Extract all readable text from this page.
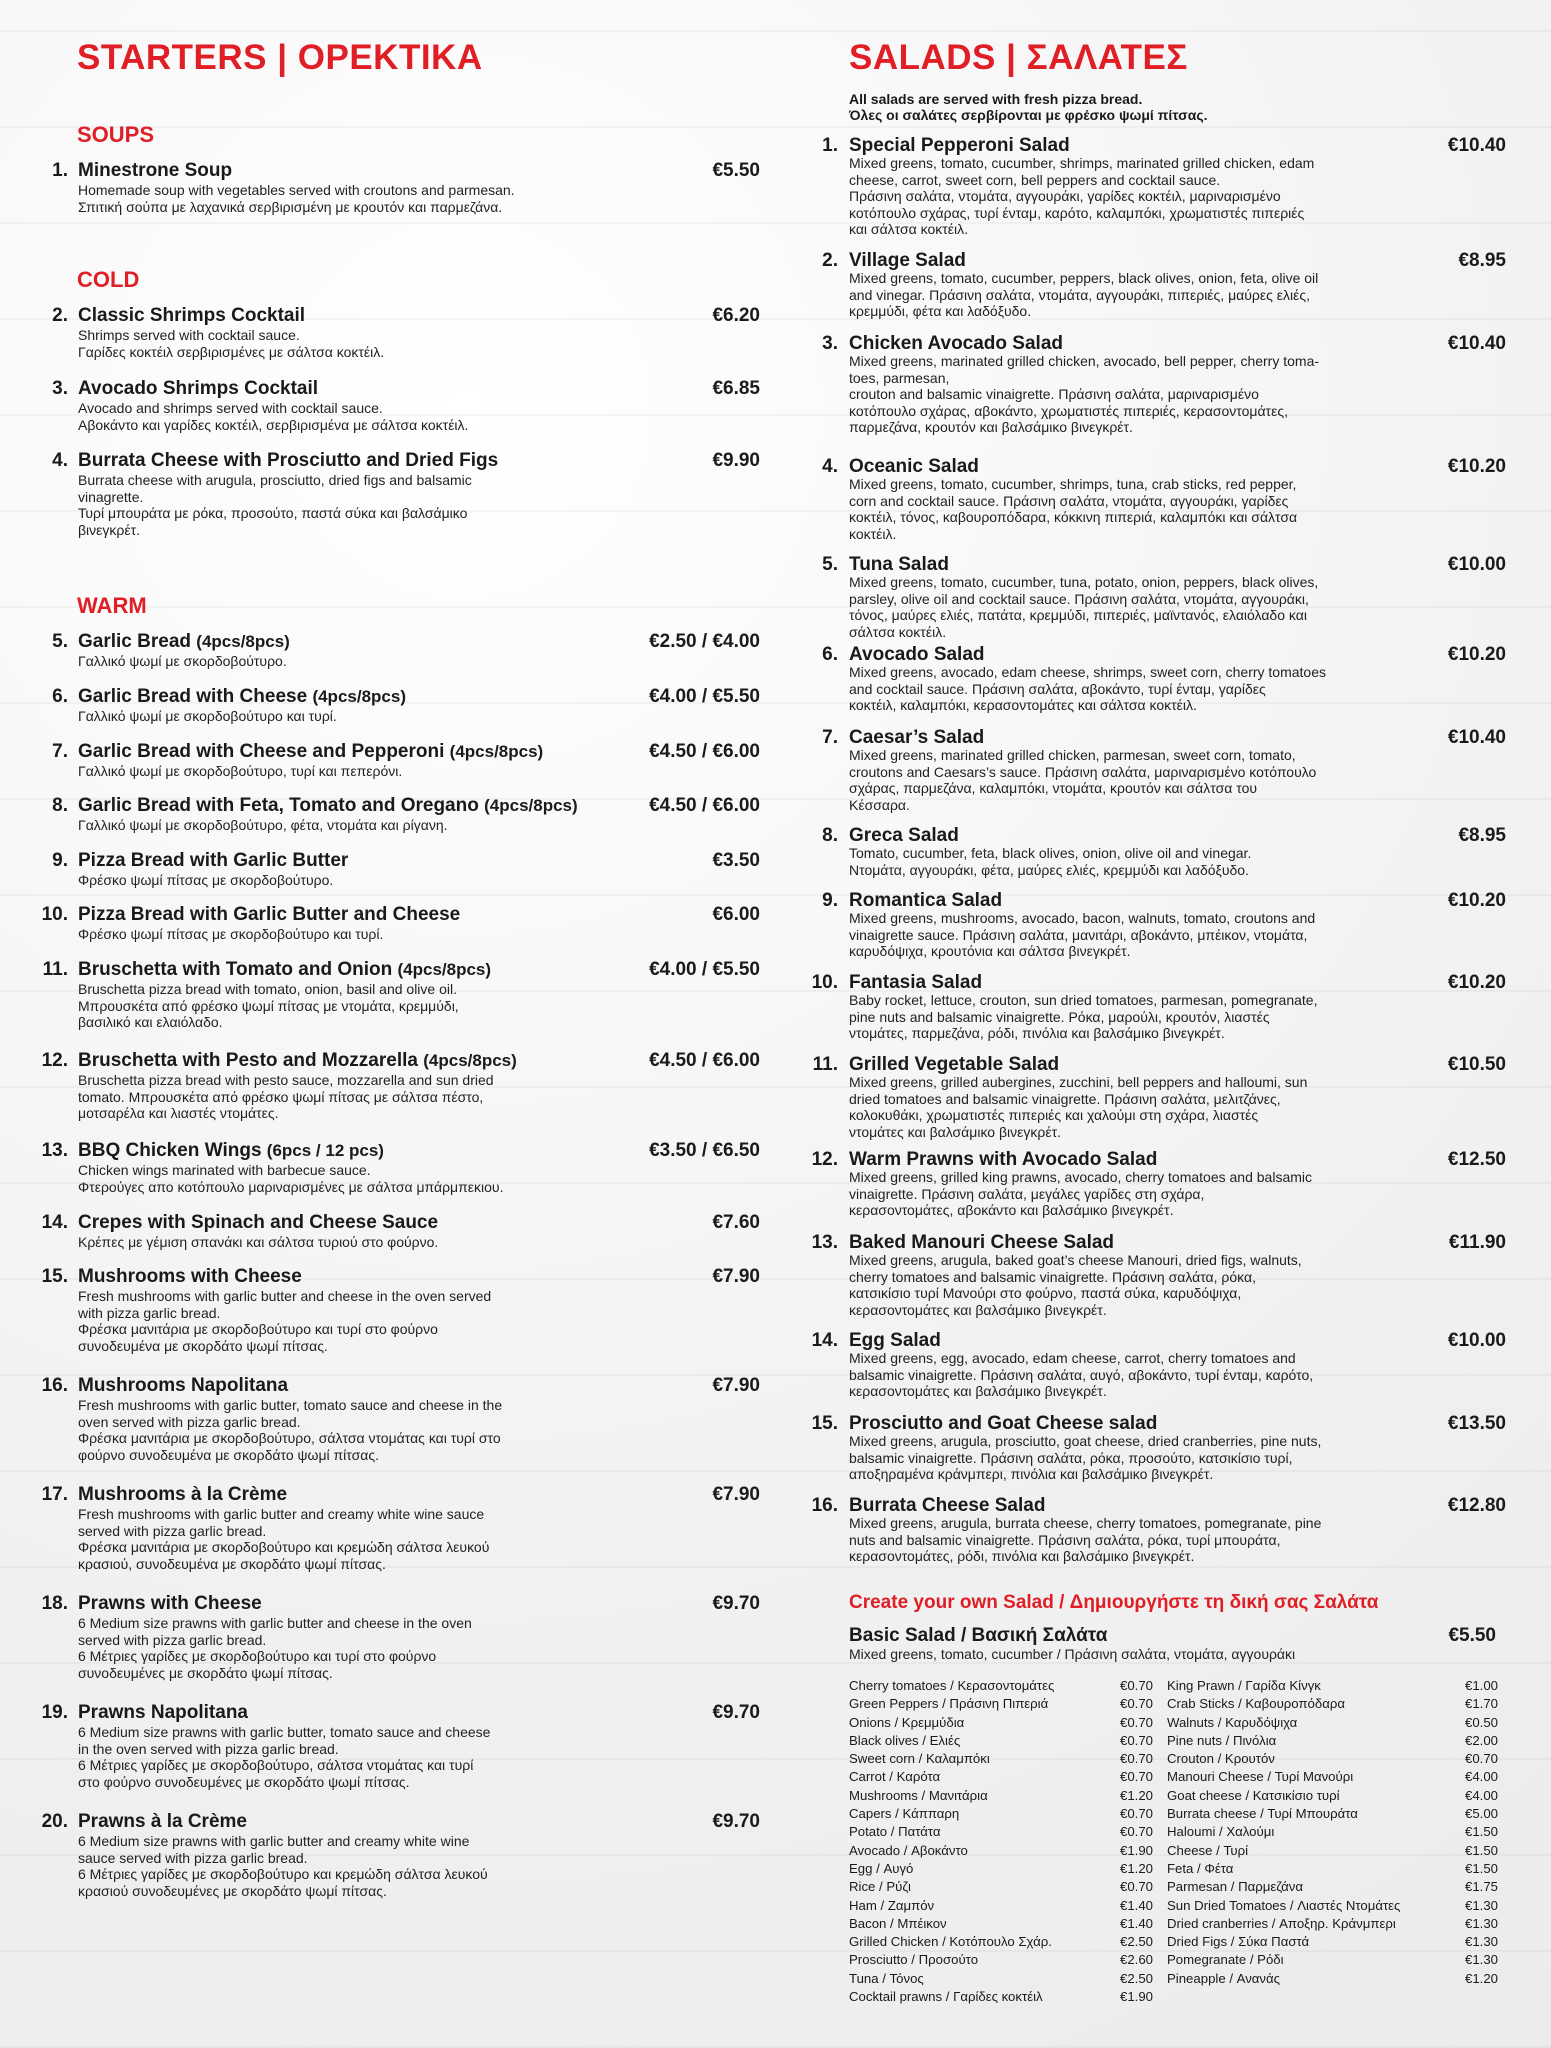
STARTERS | ΟΡΕΚΤΙΚΑ
SOUPS
COLD
WARM
1. Minestrone Soup	€5.50
Homemade soup with vegetables served with croutons and parmesan.
Σπιτική σούπα με λαχανικά σερβιρισμένη με κρουτόν και παρμεζάνα.
2. Classic Shrimps Cocktail	€6.20
Shrimps served with cocktail sauce.
Γαρίδες κοκτέιλ σερβιρισμένες με σάλτσα κοκτέιλ.
3. Avocado Shrimps Cocktail	€6.85
Avocado and shrimps served with cocktail sauce.
Αβοκάντο και γαρίδες κοκτέιλ, σερβιρισμένα με σάλτσα κοκτέιλ.
4. Burrata Cheese with Prosciutto and Dried Figs	€9.90
Burrata cheese with arugula, prosciutto, dried figs and balsamic
vinagrette.
Τυρί μπουράτα με ρόκα, προσούτο, παστά σύκα και βαλσάμικο
βινεγκρέτ.
5. Garlic Bread (4pcs/8pcs)	€2.50 / €4.00
Γαλλικό ψωμί με σκορδοβούτυρο.
6. Garlic Bread with Cheese (4pcs/8pcs)	€4.00 / €5.50
Γαλλικό ψωμί με σκορδοβούτυρο και τυρί.
7. Garlic Bread with Cheese and Pepperoni (4pcs/8pcs)	€4.50 / €6.00
Γαλλικό ψωμί με σκορδοβούτυρο, τυρί και πεπερόνι.
8. Garlic Bread with Feta, Tomato and Oregano (4pcs/8pcs)	€4.50 / €6.00
Γαλλικό ψωμί με σκορδοβούτυρο, φέτα, ντομάτα και ρίγανη.
9. Pizza Bread with Garlic Butter	€3.50
Φρέσκο ψωμί πίτσας με σκορδοβούτυρο.
10. Pizza Bread with Garlic Butter and Cheese	€6.00
Φρέσκο ψωμί πίτσας με σκορδοβούτυρο και τυρί.
11. Bruschetta with Tomato and Onion (4pcs/8pcs)	€4.00 / €5.50
Bruschetta pizza bread with tomato, onion, basil and olive oil.
Μπρουσκέτα από φρέσκο ψωμί πίτσας με ντομάτα, κρεμμύδι,
βασιλικό και ελαιόλαδο.
12. Bruschetta with Pesto and Mozzarella (4pcs/8pcs)	€4.50 / €6.00
Bruschetta pizza bread with pesto sauce, mozzarella and sun dried
tomato. Μπρουσκέτα από φρέσκο ψωμί πίτσας με σάλτσα πέστο,
μοτσαρέλα και λιαστές ντομάτες.
13. BBQ Chicken Wings (6pcs / 12 pcs)	€3.50 / €6.50
Chicken wings marinated with barbecue sauce.
Φτερούγες απο κοτόπουλο μαριναρισμένες με σάλτσα μπάρμπεκιου.
14. Crepes with Spinach and Cheese Sauce	€7.60
Κρέπες με γέμιση σπανάκι και σάλτσα τυριού στο φούρνο.
15. Mushrooms with Cheese	€7.90
Fresh mushrooms with garlic butter and cheese in the oven served
with pizza garlic bread.
Φρέσκα μανιτάρια με σκορδοβούτυρο και τυρί στο φούρνο
συνοδευμένα με σκορδάτο ψωμί πίτσας.
16. Mushrooms Napolitana	€7.90
Fresh mushrooms with garlic butter, tomato sauce and cheese in the
oven served with pizza garlic bread.
Φρέσκα μανιτάρια με σκορδοβούτυρο, σάλτσα ντομάτας και τυρί στο
φούρνο συνοδευμένα με σκορδάτο ψωμί πίτσας.
17. Mushrooms à la Crème	€7.90
Fresh mushrooms with garlic butter and creamy white wine sauce
served with pizza garlic bread.
Φρέσκα μανιτάρια με σκορδοβούτυρο και κρεμώδη σάλτσα λευκού
κρασιού, συνοδευμένα με σκορδάτο ψωμί πίτσας.
18. Prawns with Cheese	€9.70
6 Medium size prawns with garlic butter and cheese in the oven
served with pizza garlic bread.
6 Μέτριες γαρίδες με σκορδοβούτυρο και τυρί στο φούρνο
συνοδευμένες με σκορδάτο ψωμί πίτσας.
19. Prawns Napolitana	€9.70
6 Medium size prawns with garlic butter, tomato sauce and cheese
in the oven served with pizza garlic bread.
6 Μέτριες γαρίδες με σκορδοβούτυρο, σάλτσα ντομάτας και τυρί
στο φούρνο συνοδευμένες με σκορδάτο ψωμί πίτσας.
20. Prawns à la Crème	€9.70
6 Medium size prawns with garlic butter and creamy white wine
sauce served with pizza garlic bread.
6 Μέτριες γαρίδες με σκορδοβούτυρο και κρεμώδη σάλτσα λευκού
κρασιού συνοδευμένες με σκορδάτο ψωμί πίτσας.
SALADS | ΣΑΛΑΤΕΣ
All salads are served with fresh pizza bread.
Όλες οι σαλάτες σερβίρονται με φρέσκο ψωμί πίτσας.
1. Special Pepperoni Salad	€10.40
Mixed greens, tomato, cucumber, shrimps, marinated grilled chicken, edam
cheese, carrot, sweet corn, bell peppers and cocktail sauce.
Πράσινη σαλάτα, ντομάτα, αγγουράκι, γαρίδες κοκτέιλ, μαριναρισμένο
κοτόπουλο σχάρας, τυρί ένταμ, καρότο, καλαμπόκι, χρωματιστές πιπεριές
και σάλτσα κοκτέιλ.
2. Village Salad	€8.95
Mixed greens, tomato, cucumber, peppers, black olives, onion, feta, olive oil
and vinegar. Πράσινη σαλάτα, ντομάτα, αγγουράκι, πιπεριές, μαύρες ελιές,
κρεμμύδι, φέτα και λαδόξυδο.
3. Chicken Avocado Salad	€10.40
Mixed greens, marinated grilled chicken, avocado, bell pepper, cherry toma-
toes, parmesan,
crouton and balsamic vinaigrette. Πράσινη σαλάτα, μαριναρισμένο
κοτόπουλο σχάρας, αβοκάντο, χρωματιστές πιπεριές, κερασοντομάτες,
παρμεζάνα, κρουτόν και βαλσάμικο βινεγκρέτ.
4. Oceanic Salad	€10.20
Mixed greens, tomato, cucumber, shrimps, tuna, crab sticks, red pepper,
corn and cocktail sauce. Πράσινη σαλάτα, ντομάτα, αγγουράκι, γαρίδες
κοκτέιλ, τόνος, καβουροπόδαρα, κόκκινη πιπεριά, καλαμπόκι και σάλτσα
κοκτέιλ.
5. Tuna Salad	€10.00
Mixed greens, tomato, cucumber, tuna, potato, onion, peppers, black olives,
parsley, olive oil and cocktail sauce. Πράσινη σαλάτα, ντομάτα, αγγουράκι,
τόνος, μαύρες ελιές, πατάτα, κρεμμύδι, πιπεριές, μαϊντανός, ελαιόλαδο και
σάλτσα κοκτέιλ.
6. Avocado Salad	€10.20
Mixed greens, avocado, edam cheese, shrimps, sweet corn, cherry tomatoes
and cocktail sauce. Πράσινη σαλάτα, αβοκάντο, τυρί ένταμ, γαρίδες
κοκτέιλ, καλαμπόκι, κερασοντομάτες και σάλτσα κοκτέιλ.
7. Caesar’s Salad	€10.40
Mixed greens, marinated grilled chicken, parmesan, sweet corn, tomato,
croutons and Caesars’s sauce. Πράσινη σαλάτα, μαριναρισμένο κοτόπουλο
σχάρας, παρμεζάνα, καλαμπόκι, ντομάτα, κρουτόν και σάλτσα του
Κέσσαρα.
8. Greca Salad	€8.95
Tomato, cucumber, feta, black olives, onion, olive oil and vinegar.
Ντομάτα, αγγουράκι, φέτα, μαύρες ελιές, κρεμμύδι και λαδόξυδο.
9. Romantica Salad	€10.20
Mixed greens, mushrooms, avocado, bacon, walnuts, tomato, croutons and
vinaigrette sauce. Πράσινη σαλάτα, μανιτάρι, αβοκάντο, μπέικον, ντομάτα,
καρυδόψιχα, κρουτόνια και σάλτσα βινεγκρέτ.
10. Fantasia Salad	€10.20
Baby rocket, lettuce, crouton, sun dried tomatoes, parmesan, pomegranate,
pine nuts and balsamic vinaigrette. Ρόκα, μαρούλι, κρουτόν, λιαστές
ντομάτες, παρμεζάνα, ρόδι, πινόλια και βαλσάμικο βινεγκρέτ.
11. Grilled Vegetable Salad	€10.50
Mixed greens, grilled aubergines, zucchini, bell peppers and halloumi, sun
dried tomatoes and balsamic vinaigrette. Πράσινη σαλάτα, μελιτζάνες,
κολοκυθάκι, χρωματιστές πιπεριές και χαλούμι στη σχάρα, λιαστές
ντομάτες και βαλσάμικο βινεγκρέτ.
12. Warm Prawns with Avocado Salad	€12.50
Mixed greens, grilled king prawns, avocado, cherry tomatoes and balsamic
vinaigrette. Πράσινη σαλάτα, μεγάλες γαρίδες στη σχάρα,
κερασοντομάτες, αβοκάντο και βαλσάμικο βινεγκρέτ.
13. Baked Manouri Cheese Salad	€11.90
Mixed greens, arugula, baked goat’s cheese Manouri, dried figs, walnuts,
cherry tomatoes and balsamic vinaigrette. Πράσινη σαλάτα, ρόκα,
κατσικίσιο τυρί Μανούρι στο φούρνο, παστά σύκα, καρυδόψιχα,
κερασοντομάτες και βαλσάμικο βινεγκρέτ.
14. Egg Salad	€10.00
Mixed greens, egg, avocado, edam cheese, carrot, cherry tomatoes and
balsamic vinaigrette. Πράσινη σαλάτα, αυγό, αβοκάντο, τυρί ένταμ, καρότο,
κερασοντομάτες και βαλσάμικο βινεγκρέτ.
15. Prosciutto and Goat Cheese salad	€13.50
Mixed greens, arugula, prosciutto, goat cheese, dried cranberries, pine nuts,
balsamic vinaigrette. Πράσινη σαλάτα, ρόκα, προσούτο, κατσικίσιο τυρί,
αποξηραμένα κράνμπερι, πινόλια και βαλσάμικο βινεγκρέτ.
16. Burrata Cheese Salad	€12.80
Mixed greens, arugula, burrata cheese, cherry tomatoes, pomegranate, pine
nuts and balsamic vinaigrette. Πράσινη σαλάτα, ρόκα, τυρί μπουράτα,
κερασοντομάτες, ρόδι, πινόλια και βαλσάμικο βινεγκρέτ.
Create your own Salad / Δημιουργήστε τη δική σας Σαλάτα
Basic Salad / Βασική Σαλάτα	€5.50
Mixed greens, tomato, cucumber / Πράσινη σαλάτα, ντομάτα, αγγουράκι
Cherry tomatoes / Κερασοντομάτες	€0.70
Green Peppers / Πράσινη Πιπεριά	€0.70
Onions / Κρεμμύδια	€0.70
Black olives / Ελιές	€0.70
Sweet corn / Καλαμπόκι	€0.70
Carrot / Καρότα	€0.70
Mushrooms / Μανιτάρια	€1.20
Capers / Κάππαρη	€0.70
Potato / Πατάτα	€0.70
Avocado / Αβοκάντο	€1.90
Egg / Αυγό	€1.20
Rice / Ρύζι	€0.70
Ham / Ζαμπόν	€1.40
Bacon / Μπέικον	€1.40
Grilled Chicken / Κοτόπουλο Σχάρ.	€2.50
Prosciutto / Προσούτο	€2.60
Tuna / Τόνος	€2.50
Cocktail prawns / Γαρίδες κοκτέιλ	€1.90
King Prawn / Γαρίδα Κίνγκ	€1.00
Crab Sticks / Καβουροπόδαρα	€1.70
Walnuts / Καρυδόψιχα	€0.50
Pine nuts / Πινόλια	€2.00
Crouton / Κρουτόν	€0.70
Manouri Cheese / Τυρί Μανούρι	€4.00
Goat cheese / Κατσικίσιο τυρί	€4.00
Burrata cheese / Τυρί Μπουράτα	€5.00
Haloumi / Χαλούμι	€1.50
Cheese / Τυρί	€1.50
Feta / Φέτα	€1.50
Parmesan / Παρμεζάνα	€1.75
Sun Dried Tomatoes / Λιαστές Ντομάτες	€1.30
Dried cranberries / Αποξηρ. Κράνμπερι	€1.30
Dried Figs / Σύκα Παστά	€1.30
Pomegranate / Ρόδι	€1.30
Pineapple / Ανανάς	€1.20
